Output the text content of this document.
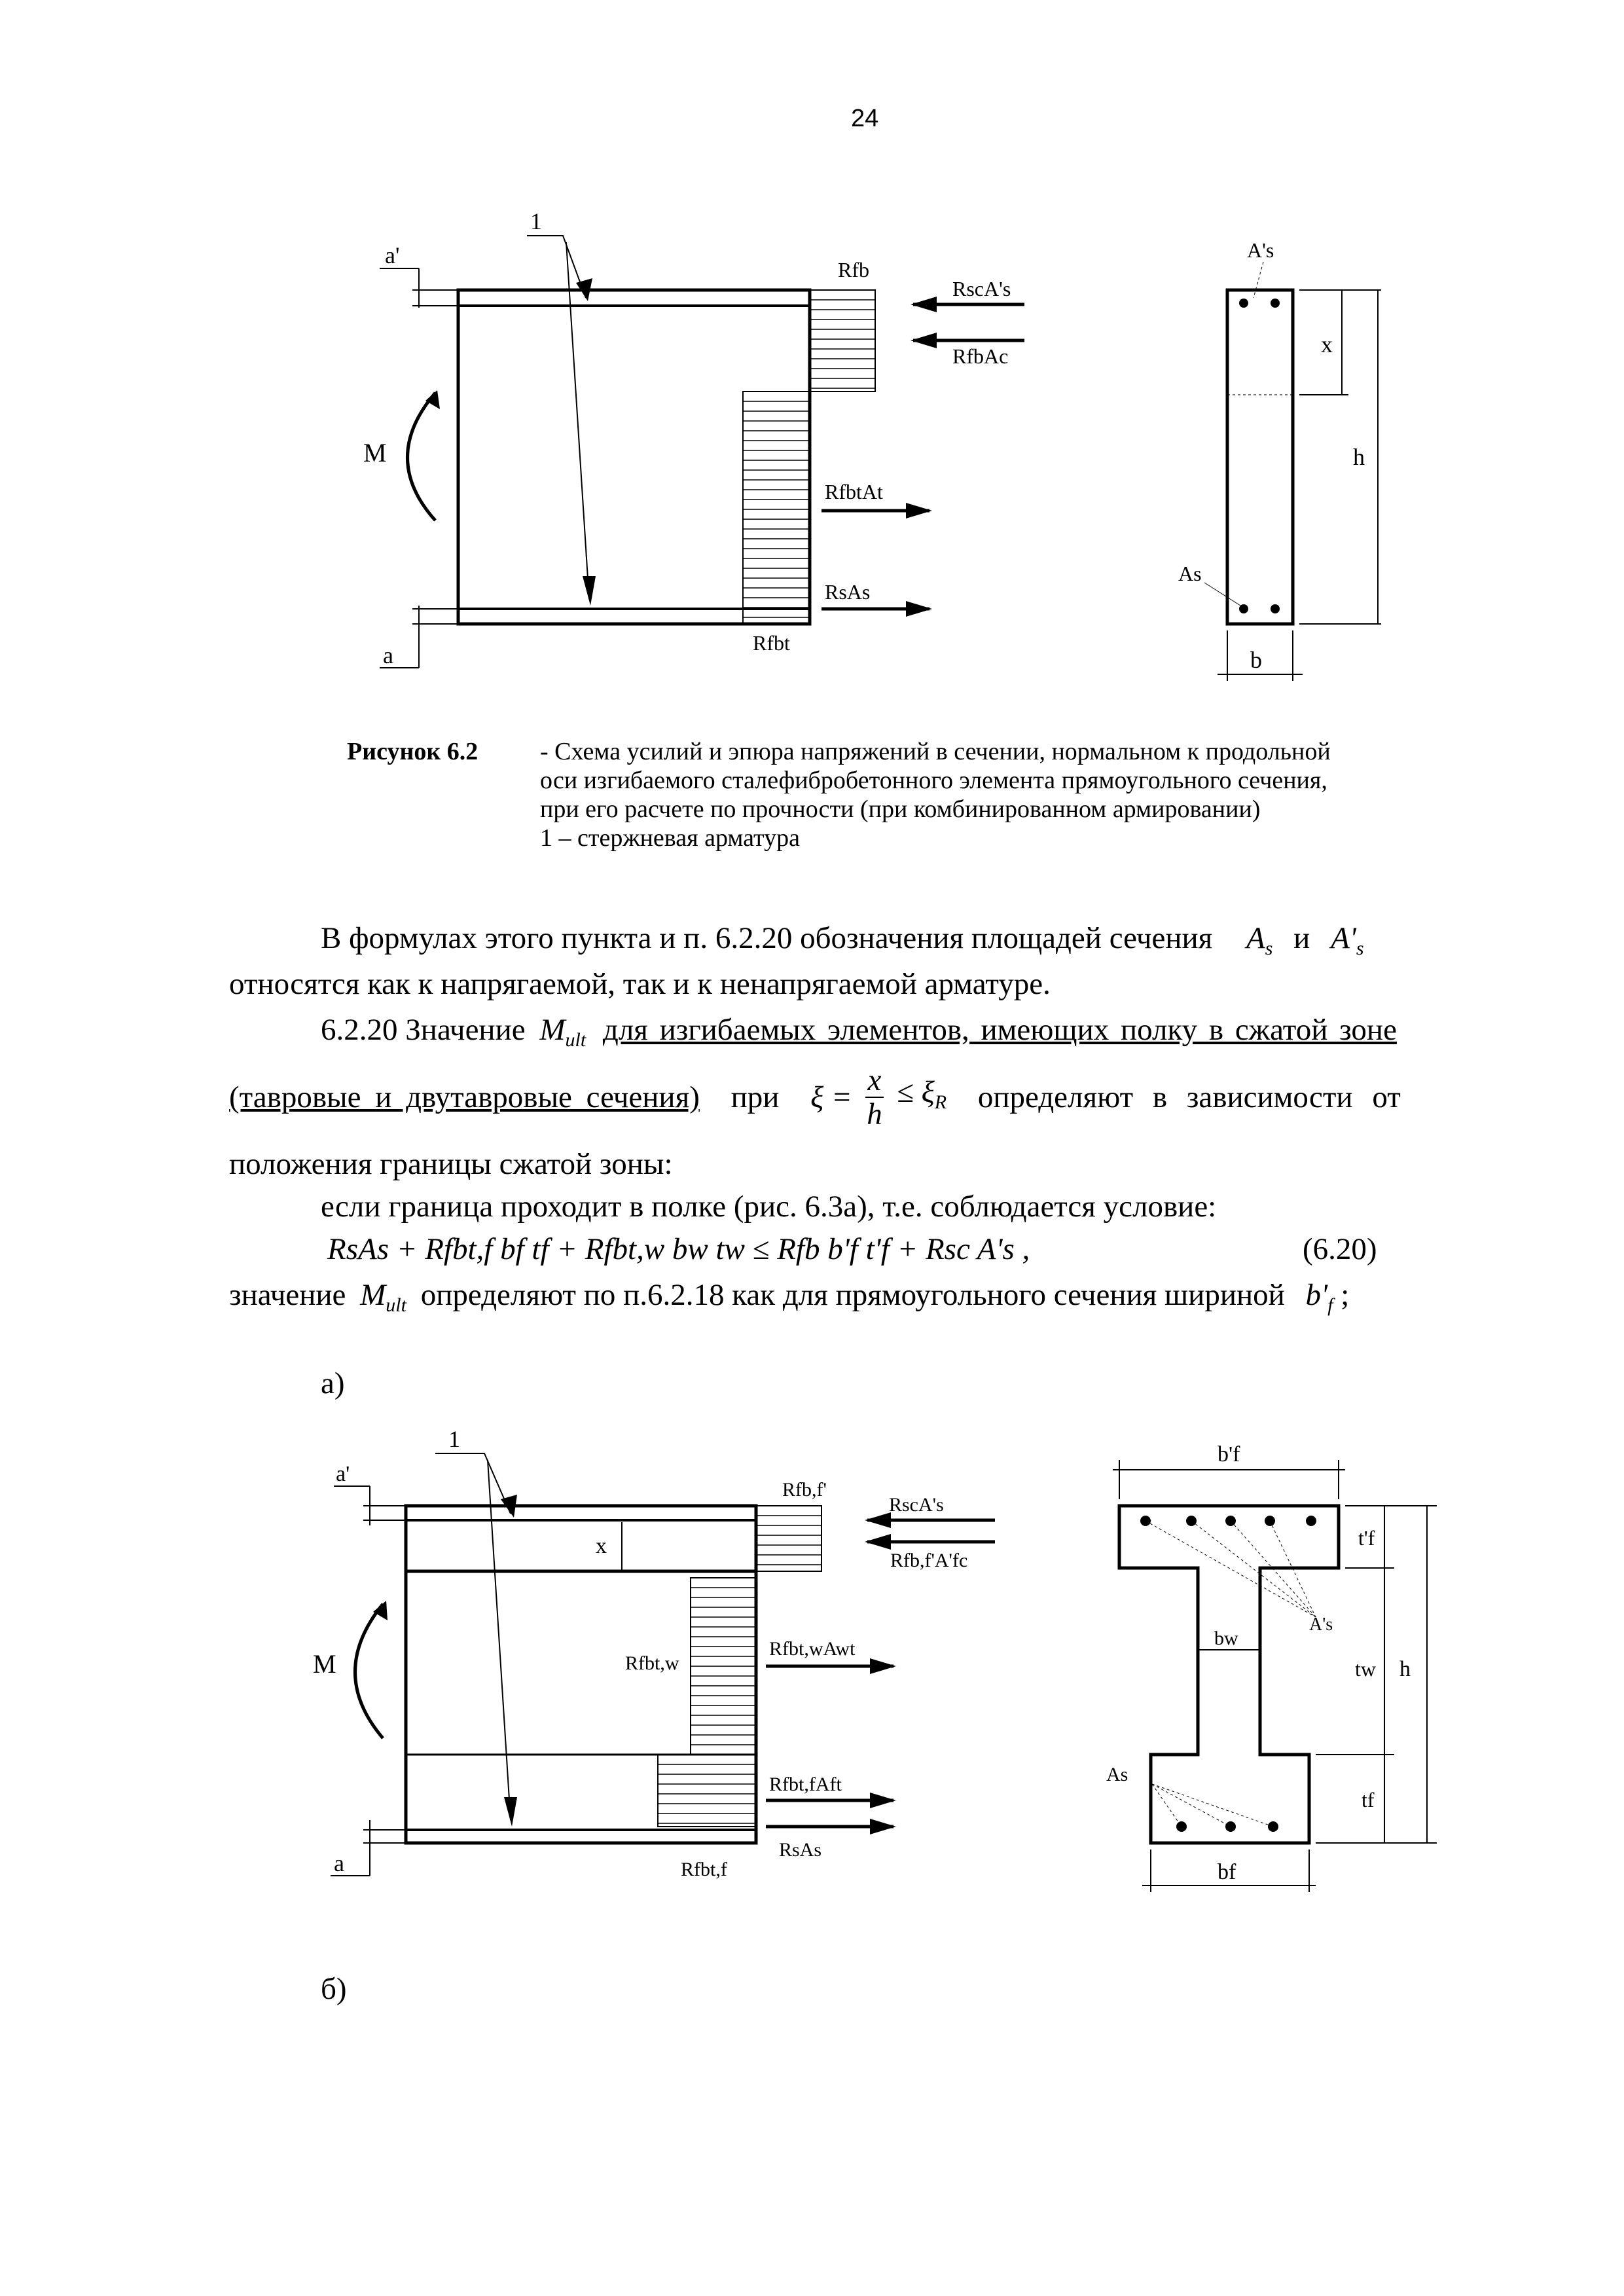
24
a'
a
1
M
Rfb
RscA's
RfbAc
RfbtAt
RsAs
Rfbt
A's
As
x
h
b
Рисунок 6.2 - Схема усилий и эпюра напряжений в сечении, нормальном к продольной
оси изгибаемого сталефибробетонного элемента прямоугольного сечения,
при его расчете по прочности (при комбинированном армировании)
1 – стержневая арматура
В формулах этого пункта и п. 6.2.20 обозначения площадей сечения $A_s$ и $A'_s$
относятся как к напрягаемой, так и к ненапрягаемой арматуре.
6.2.20 Значение $M_{ult}$ для изгибаемых элементов, имеющих полку в сжатой зоне
(тавровые и двутавровые сечения) при $\xi = \frac{x}{h} \le \xi_R$ определяют в зависимости от
положения границы сжатой зоны:
если граница проходит в полке (рис. 6.3а), т.е. соблюдается условие:
RsAs + Rfbt,f bf tf + Rfbt,w bw tw ≤ Rfb b'f t'f + Rsc A's ,	(6.20)
значение $M_{ult}$ определяют по п.6.2.18 как для прямоугольного сечения шириной $b'_f$ ;
а)
a'
a
1
x
M
Rfb,f'
RscA's
Rfb,f'A'fc
Rfbt,w
Rfbt,wAwt
Rfbt,fAft
RsAs
Rfbt,f
A's
As
b'f
bw
bf
t'f
tw h
tf
б)
